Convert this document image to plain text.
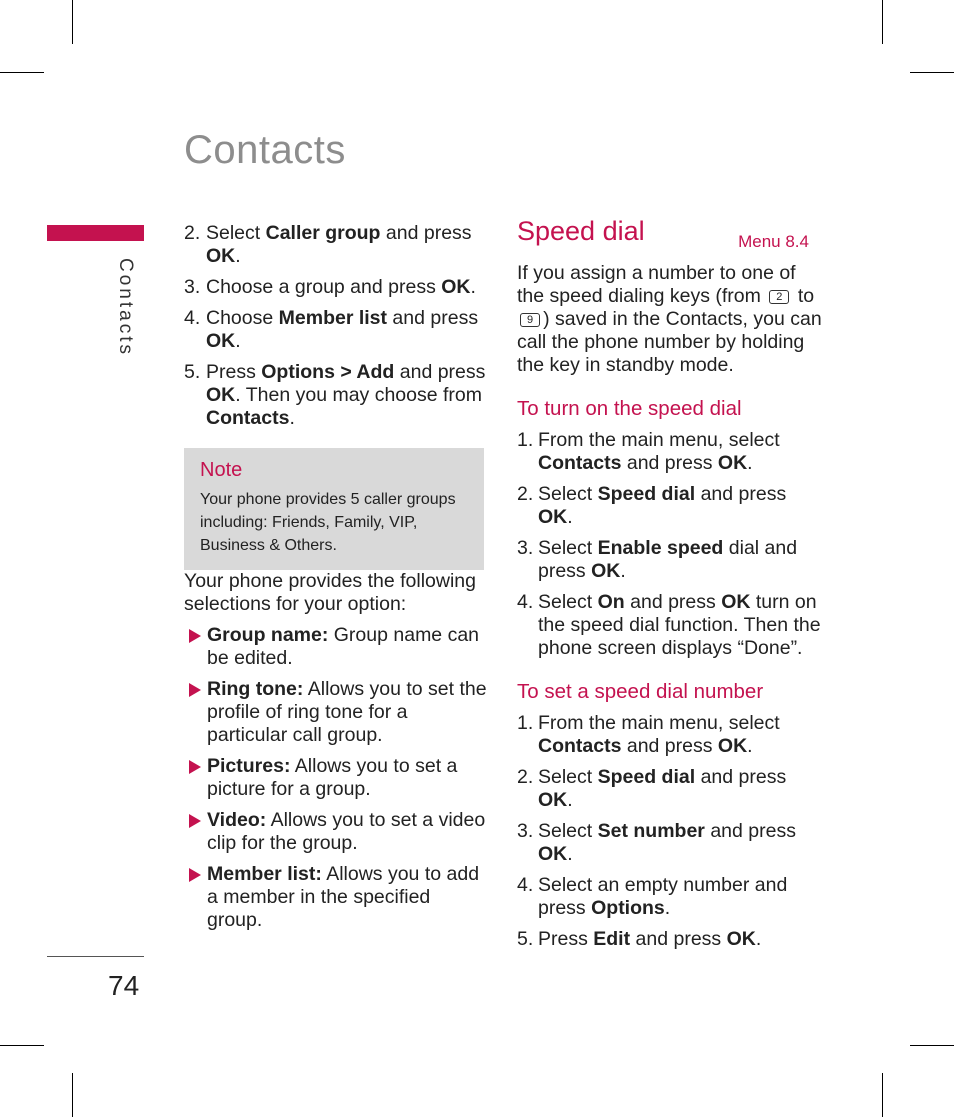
Contacts
Contacts
74
2. Select Caller group and press OK.
3. Choose a group and press OK.
4. Choose Member list and press OK.
5. Press Options > Add and press OK. Then you may choose from Contacts.
Note
Your phone provides 5 caller groups including: Friends, Family, VIP, Business & Others.

Your phone provides the following selections for your option:

Group name: Group name can be edited.
Ring tone: Allows you to set the profile of ring tone for a particular call group.
Pictures: Allows you to set a picture for a group.
Video: Allows you to set a video clip for the group.
Member list: Allows you to add a member in the specified group.
Speed dial	Menu 8.4

If you assign a number to one of the speed dialing keys (from 2 to 9 ) saved in the Contacts, you can call the phone number by holding the key in standby mode.

To turn on the speed dial
1. From the main menu, select Contacts and press OK.
2. Select Speed dial and press OK.
3. Select Enable speed dial and press OK.
4. Select On and press OK turn on the speed dial function. Then the phone screen displays “Done”.
To set a speed dial number
1. From the main menu, select Contacts and press OK.
2. Select Speed dial and press OK.
3. Select Set number and press OK.
4. Select an empty number and press Options.
5. Press Edit and press OK.
